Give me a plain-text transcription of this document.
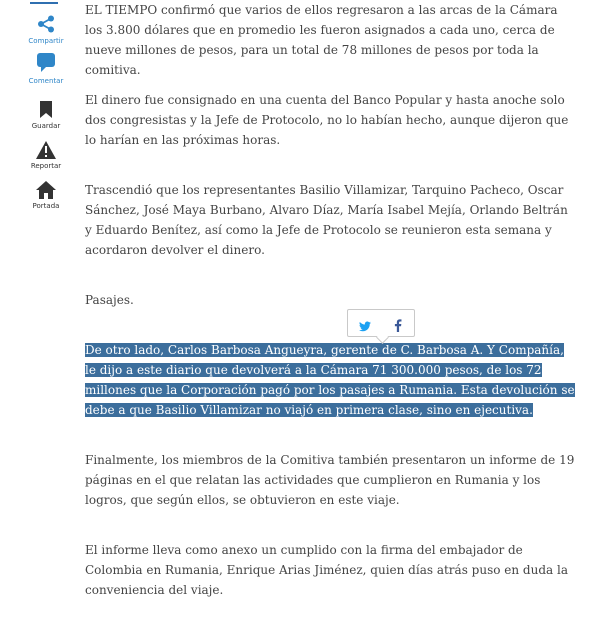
Compartir
Comentar
Guardar
Reportar
Portada

EL TIEMPO confirmó que varios de ellos regresaron a las arcas de la Cámara los 3.800 dólares que en promedio les fueron asignados a cada uno, cerca de nueve millones de pesos, para un total de 78 millones de pesos por toda la comitiva.

El dinero fue consignado en una cuenta del Banco Popular y hasta anoche solo dos congresistas y la Jefe de Protocolo, no lo habían hecho, aunque dijeron que lo harían en las próximas horas.

Trascendió que los representantes Basilio Villamizar, Tarquino Pacheco, Oscar Sánchez, José Maya Burbano, Alvaro Díaz, María Isabel Mejía, Orlando Beltrán y Eduardo Benítez, así como la Jefe de Protocolo se reunieron esta semana y acordaron devolver el dinero.

Pasajes.

De otro lado, Carlos Barbosa Angueyra, gerente de C. Barbosa A. Y Compañía, le dijo a este diario que devolverá a la Cámara 71 300.000 pesos, de los 72 millones que la Corporación pagó por los pasajes a Rumania. Esta devolución se debe a que Basilio Villamizar no viajó en primera clase, sino en ejecutiva.

Finalmente, los miembros de la Comitiva también presentaron un informe de 19 páginas en el que relatan las actividades que cumplieron en Rumania y los logros, que según ellos, se obtuvieron en este viaje.

El informe lleva como anexo un cumplido con la firma del embajador de Colombia en Rumania, Enrique Arias Jiménez, quien días atrás puso en duda la conveniencia del viaje.
